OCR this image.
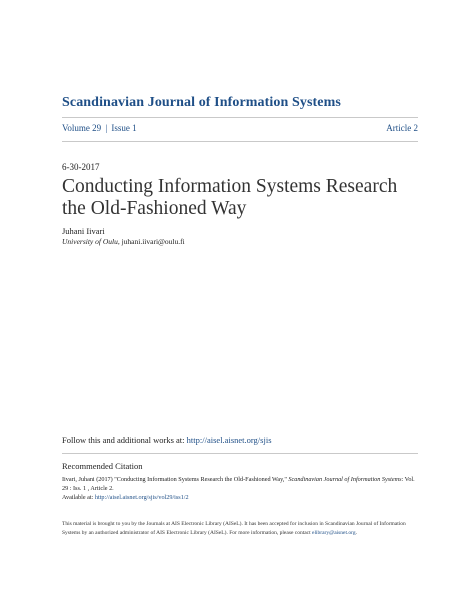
Scandinavian Journal of Information Systems
Volume 29 | Issue 1	Article 2
6-30-2017
Conducting Information Systems Research the Old-Fashioned Way
Juhani Iivari
University of Oulu, juhani.iivari@oulu.fi
Follow this and additional works at: http://aisel.aisnet.org/sjis
Recommended Citation
Iivari, Juhani (2017) "Conducting Information Systems Research the Old-Fashioned Way," Scandinavian Journal of Information Systems: Vol. 29 : Iss. 1 , Article 2.
Available at: http://aisel.aisnet.org/sjis/vol29/iss1/2
This material is brought to you by the Journals at AIS Electronic Library (AISeL). It has been accepted for inclusion in Scandinavian Journal of Information Systems by an authorized administrator of AIS Electronic Library (AISeL). For more information, please contact elibrary@aisnet.org.
